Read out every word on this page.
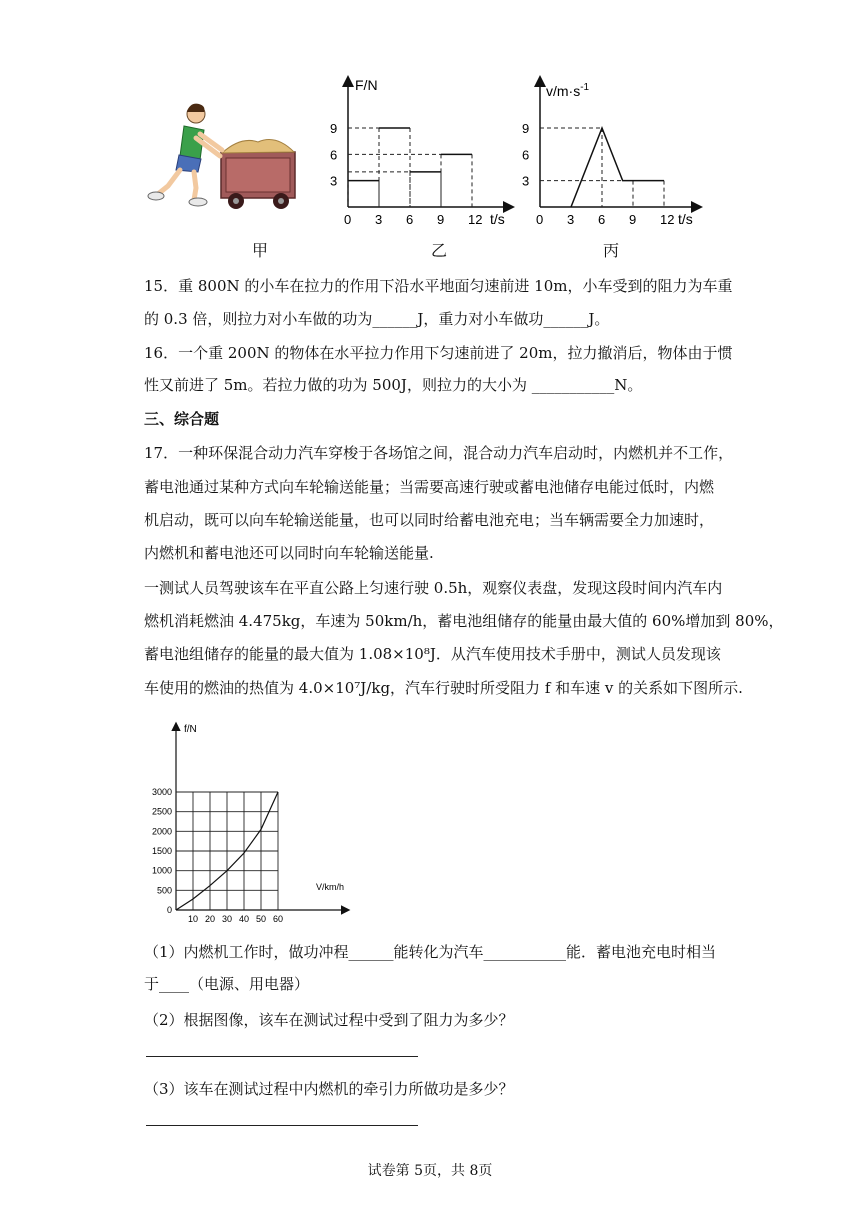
F/N
t/s
0 3 6 9 12
3
6
9
$v/m\cdot s^{-1}$
t/s
0 3 6 9 12
3
6
9
甲	乙	丙
15．重 800N 的小车在拉力的作用下沿水平地面匀速前进 10m，小车受到的阻力为车重
的 0.3 倍，则拉力对小车做的功为______J，重力对小车做功______J。
16．一个重 200N 的物体在水平拉力作用下匀速前进了 20m，拉力撤消后，物体由于惯
性又前进了 5m。若拉力做的功为 500J，则拉力的大小为 ___________N。
三、综合题
17．一种环保混合动力汽车穿梭于各场馆之间，混合动力汽车启动时，内燃机并不工作，
蓄电池通过某种方式向车轮输送能量；当需要高速行驶或蓄电池储存电能过低时，内燃
机启动，既可以向车轮输送能量，也可以同时给蓄电池充电；当车辆需要全力加速时，
内燃机和蓄电池还可以同时向车轮输送能量.
一测试人员驾驶该车在平直公路上匀速行驶 0.5h，观察仪表盘，发现这段时间内汽车内
燃机消耗燃油 4.475kg，车速为 50km/h，蓄电池组储存的能量由最大值的 60%增加到 80%，
蓄电池组储存的能量的最大值为 1.08×10⁸J．从汽车使用技术手册中，测试人员发现该
车使用的燃油的热值为 4.0×10⁷J/kg，汽车行驶时所受阻力 f 和车速 v 的关系如下图所示.
f/N
V/km/h
10 20 30 40 50 60
0
500
1000
1500
2000
2500
3000
（1）内燃机工作时，做功冲程______能转化为汽车___________能．蓄电池充电时相当
于____（电源、用电器）
（2）根据图像，该车在测试过程中受到了阻力为多少？
（3）该车在测试过程中内燃机的牵引力所做功是多少？
试卷第 5页，共 8页
